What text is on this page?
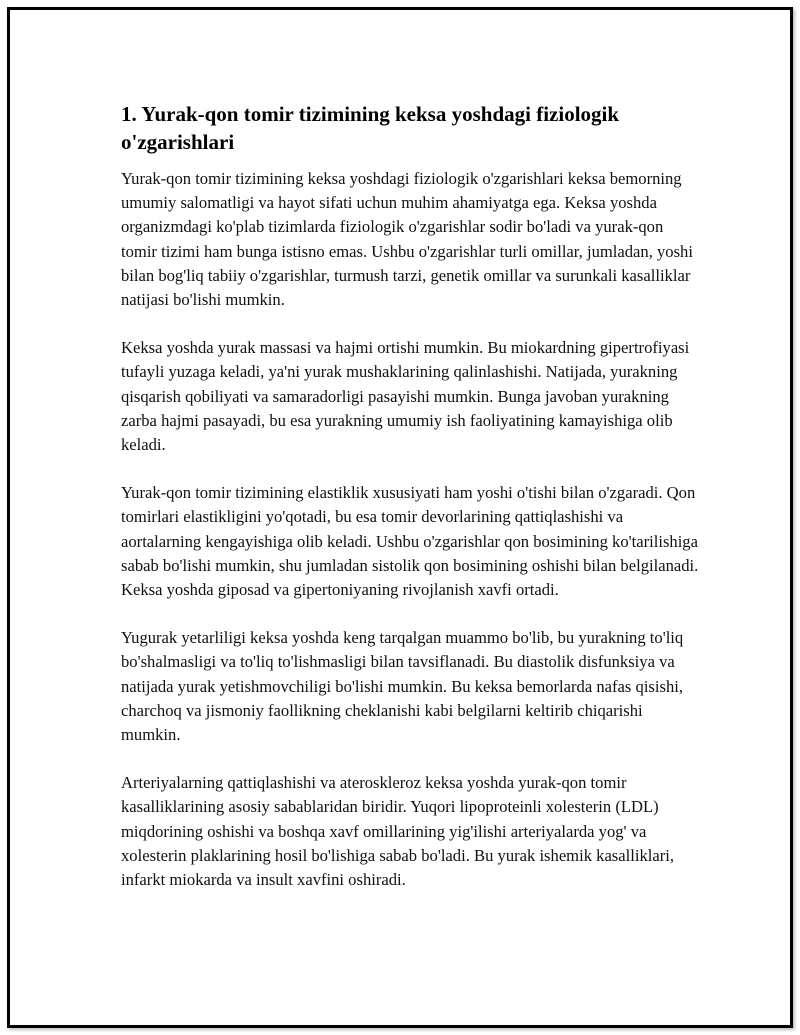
1. Yurak-qon tomir tizimining keksa yoshdagi fiziologik o'zgarishlari

Yurak-qon tomir tizimining keksa yoshdagi fiziologik o'zgarishlari keksa bemorning umumiy salomatligi va hayot sifati uchun muhim ahamiyatga ega. Keksa yoshda organizmdagi ko'plab tizimlarda fiziologik o'zgarishlar sodir bo'ladi va yurak-qon tomir tizimi ham bunga istisno emas. Ushbu o'zgarishlar turli omillar, jumladan, yoshi bilan bog'liq tabiiy o'zgarishlar, turmush tarzi, genetik omillar va surunkali kasalliklar natijasi bo'lishi mumkin.

Keksa yoshda yurak massasi va hajmi ortishi mumkin. Bu miokardning gipertrofiyasi tufayli yuzaga keladi, ya'ni yurak mushaklarining qalinlashishi. Natijada, yurakning qisqarish qobiliyati va samaradorligi pasayishi mumkin. Bunga javoban yurakning zarba hajmi pasayadi, bu esa yurakning umumiy ish faoliyatining kamayishiga olib keladi.

Yurak-qon tomir tizimining elastiklik xususiyati ham yoshi o'tishi bilan o'zgaradi. Qon tomirlari elastikligini yo'qotadi, bu esa tomir devorlarining qattiqlashishi va aortalarning kengayishiga olib keladi. Ushbu o'zgarishlar qon bosimining ko'tarilishiga sabab bo'lishi mumkin, shu jumladan sistolik qon bosimining oshishi bilan belgilanadi. Keksa yoshda giposad va gipertoniyaning rivojlanish xavfi ortadi.

Yugurak yetarliligi keksa yoshda keng tarqalgan muammo bo'lib, bu yurakning to'liq bo'shalmasligi va to'liq to'lishmasligi bilan tavsiflanadi. Bu diastolik disfunksiya va natijada yurak yetishmovchiligi bo'lishi mumkin. Bu keksa bemorlarda nafas qisishi, charchoq va jismoniy faollikning cheklanishi kabi belgilarni keltirib chiqarishi mumkin.

Arteriyalarning qattiqlashishi va ateroskleroz keksa yoshda yurak-qon tomir kasalliklarining asosiy sabablaridan biridir. Yuqori lipoproteinli xolesterin (LDL) miqdorining oshishi va boshqa xavf omillarining yig'ilishi arteriyalarda yog' va xolesterin plaklarining hosil bo'lishiga sabab bo'ladi. Bu yurak ishemik kasalliklari, infarkt miokarda va insult xavfini oshiradi.
